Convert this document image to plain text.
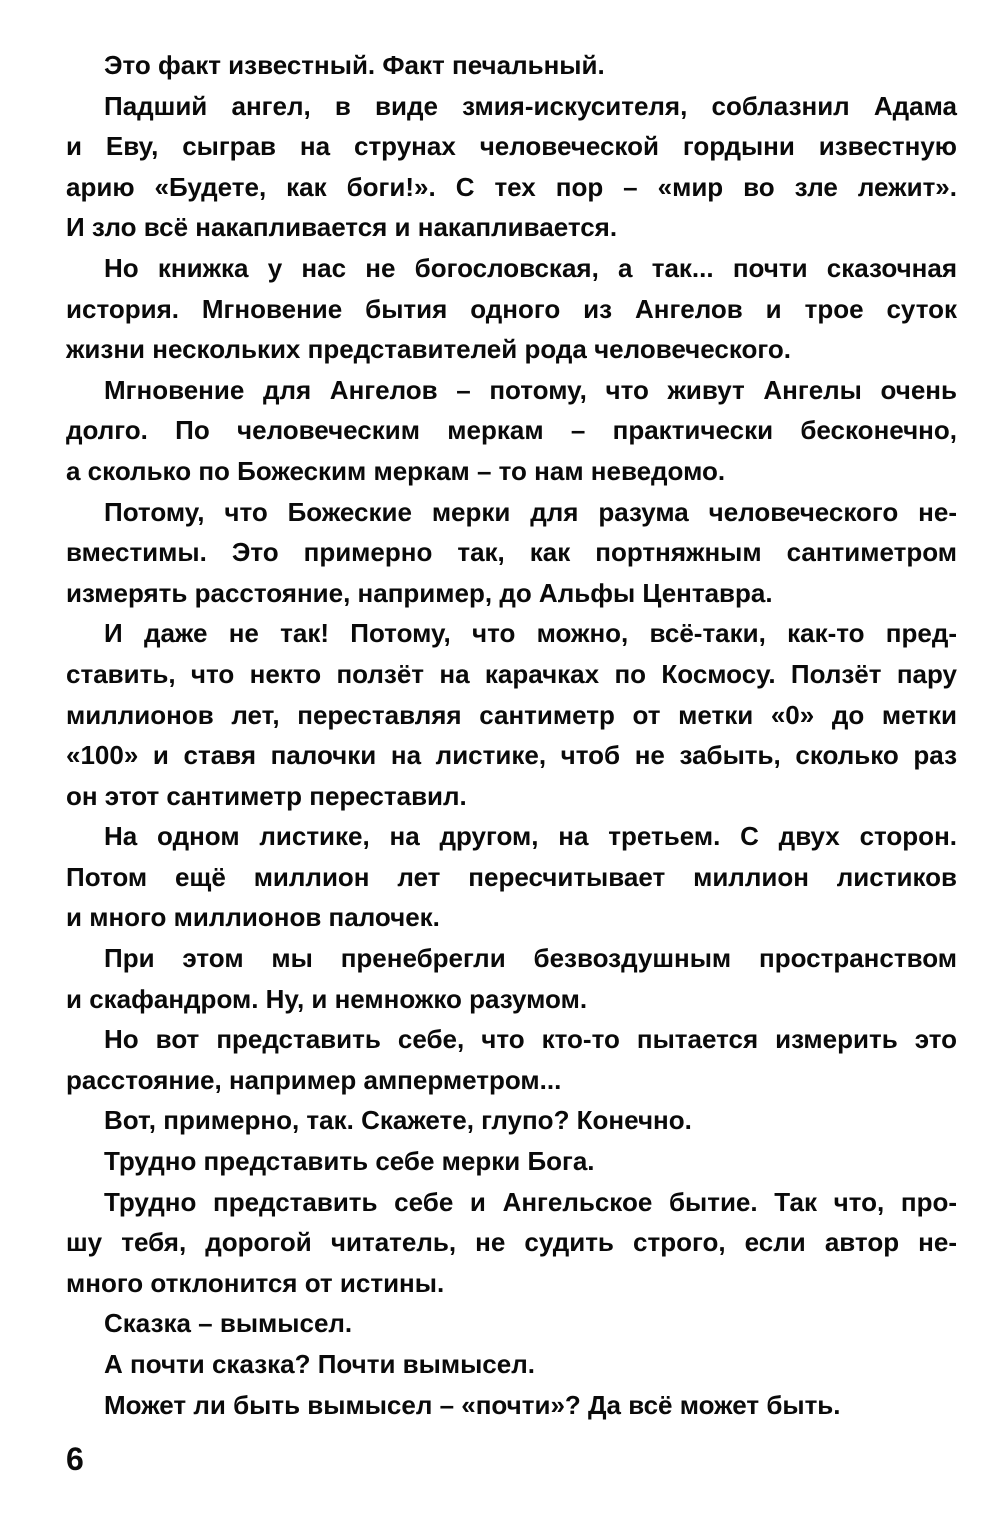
Это факт известный. Факт печальный.
Падший ангел, в виде змия-искусителя, соблазнил Адама
и Еву, сыграв на струнах человеческой гордыни известную
арию «Будете, как боги!». С тех пор – «мир во зле лежит».
И зло всё накапливается и накапливается.
Но книжка у нас не богословская, а так... почти сказочная
история. Мгновение бытия одного из Ангелов и трое суток
жизни нескольких представителей рода человеческого.
Мгновение для Ангелов – потому, что живут Ангелы очень
долго. По человеческим меркам – практически бесконечно,
а сколько по Божеским меркам – то нам неведомо.
Потому, что Божеские мерки для разума человеческого не-
вместимы. Это примерно так, как портняжным сантиметром
измерять расстояние, например, до Альфы Центавра.
И даже не так! Потому, что можно, всё-таки, как-то пред-
ставить, что некто ползёт на карачках по Космосу. Ползёт пару
миллионов лет, переставляя сантиметр от метки «0» до метки
«100» и ставя палочки на листике, чтоб не забыть, сколько раз
он этот сантиметр переставил.
На одном листике, на другом, на третьем. С двух сторон.
Потом ещё миллион лет пересчитывает миллион листиков
и много миллионов палочек.
При этом мы пренебрегли безвоздушным пространством
и скафандром. Ну, и немножко разумом.
Но вот представить себе, что кто-то пытается измерить это
расстояние, например амперметром...
Вот, примерно, так. Скажете, глупо? Конечно.
Трудно представить себе мерки Бога.
Трудно представить себе и Ангельское бытие. Так что, про-
шу тебя, дорогой читатель, не судить строго, если автор не-
много отклонится от истины.
Сказка – вымысел.
А почти сказка? Почти вымысел.
Может ли быть вымысел – «почти»? Да всё может быть.
6
